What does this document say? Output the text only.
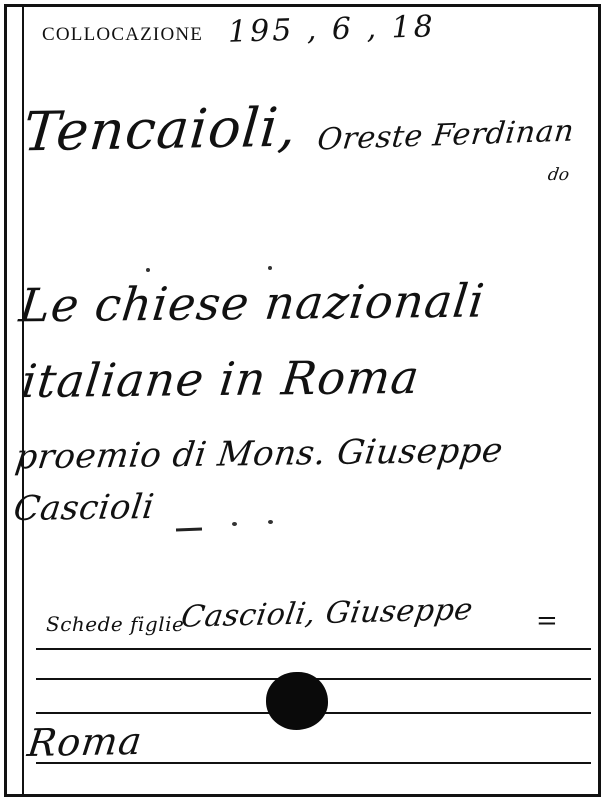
COLLOCAZIONE 195 , 6 , 18
Tencaioli, Oreste Ferdinan
do
Le chiese nazionali
italiane in Roma
proemio di Mons. Giuseppe
Cascioli
Schede figlie
Cascioli, Giuseppe =
Roma
